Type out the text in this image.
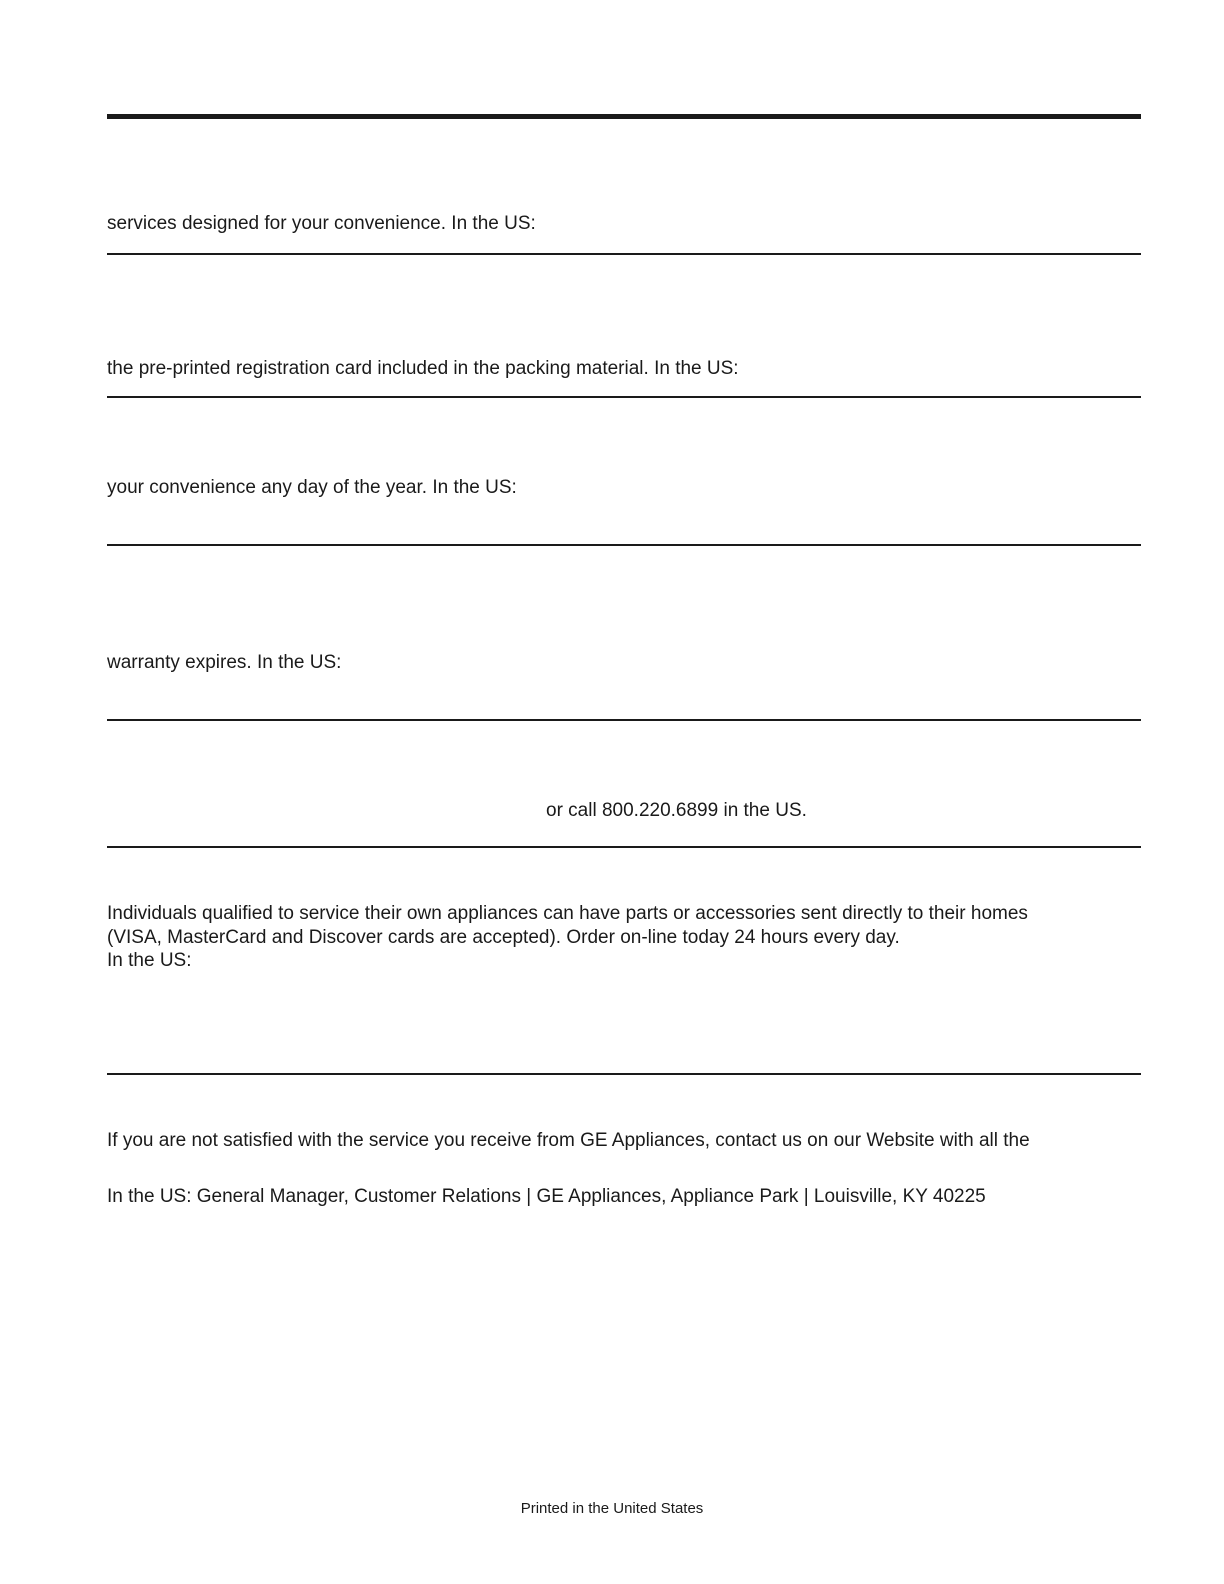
services designed for your convenience. In the US:

the pre-printed registration card included in the packing material. In the US:

your convenience any day of the year. In the US:

warranty expires. In the US:

or call 800.220.6899 in the US.

Individuals qualified to service their own appliances can have parts or accessories sent directly to their homes

(VISA, MasterCard and Discover cards are accepted). Order on-line today 24 hours every day.

In the US:

If you are not satisfied with the service you receive from GE Appliances, contact us on our Website with all the

In the US: General Manager, Customer Relations | GE Appliances, Appliance Park | Louisville, KY 40225

Printed in the United States
